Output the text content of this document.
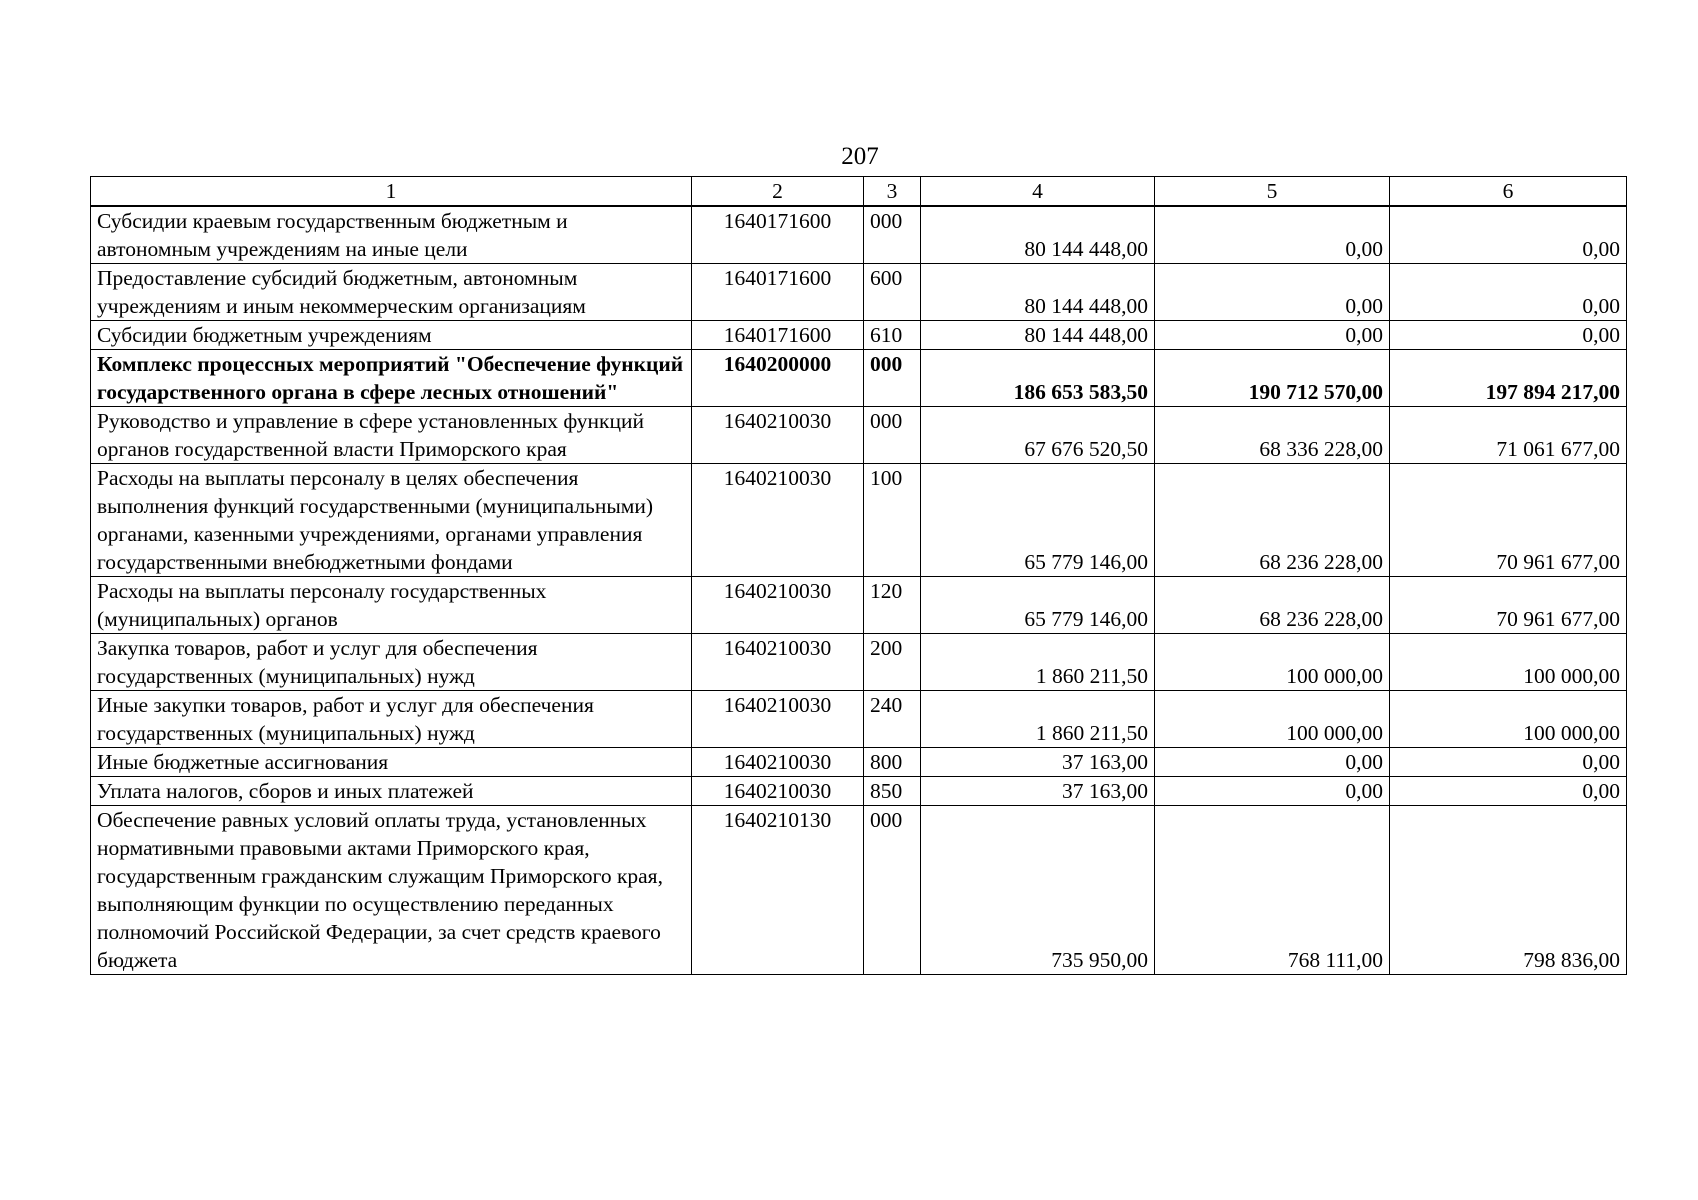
207
1	2	3	4	5	6
Субсидии краевым государственным бюджетным и автономным учреждениям на иные цели	1640171600	000	80 144 448,00	0,00	0,00
Предоставление субсидий бюджетным, автономным учреждениям и иным некоммерческим организациям	1640171600	600	80 144 448,00	0,00	0,00
Субсидии бюджетным учреждениям	1640171600	610	80 144 448,00	0,00	0,00
Комплекс процессных мероприятий "Обеспечение функций государственного органа в сфере лесных отношений"	1640200000	000	186 653 583,50	190 712 570,00	197 894 217,00
Руководство и управление в сфере установленных функций органов государственной власти Приморского края	1640210030	000	67 676 520,50	68 336 228,00	71 061 677,00
Расходы на выплаты персоналу в целях обеспечения выполнения функций государственными (муниципальными) органами, казенными учреждениями, органами управления государственными внебюджетными фондами	1640210030	100	65 779 146,00	68 236 228,00	70 961 677,00
Расходы на выплаты персоналу государственных (муниципальных) органов	1640210030	120	65 779 146,00	68 236 228,00	70 961 677,00
Закупка товаров, работ и услуг для обеспечения государственных (муниципальных) нужд	1640210030	200	1 860 211,50	100 000,00	100 000,00
Иные закупки товаров, работ и услуг для обеспечения государственных (муниципальных) нужд	1640210030	240	1 860 211,50	100 000,00	100 000,00
Иные бюджетные ассигнования	1640210030	800	37 163,00	0,00	0,00
Уплата налогов, сборов и иных платежей	1640210030	850	37 163,00	0,00	0,00
Обеспечение равных условий оплаты труда, установленных нормативными правовыми актами Приморского края, государственным гражданским служащим Приморского края, выполняющим функции по осуществлению переданных полномочий Российской Федерации, за счет средств краевого бюджета	1640210130	000	735 950,00	768 111,00	798 836,00
